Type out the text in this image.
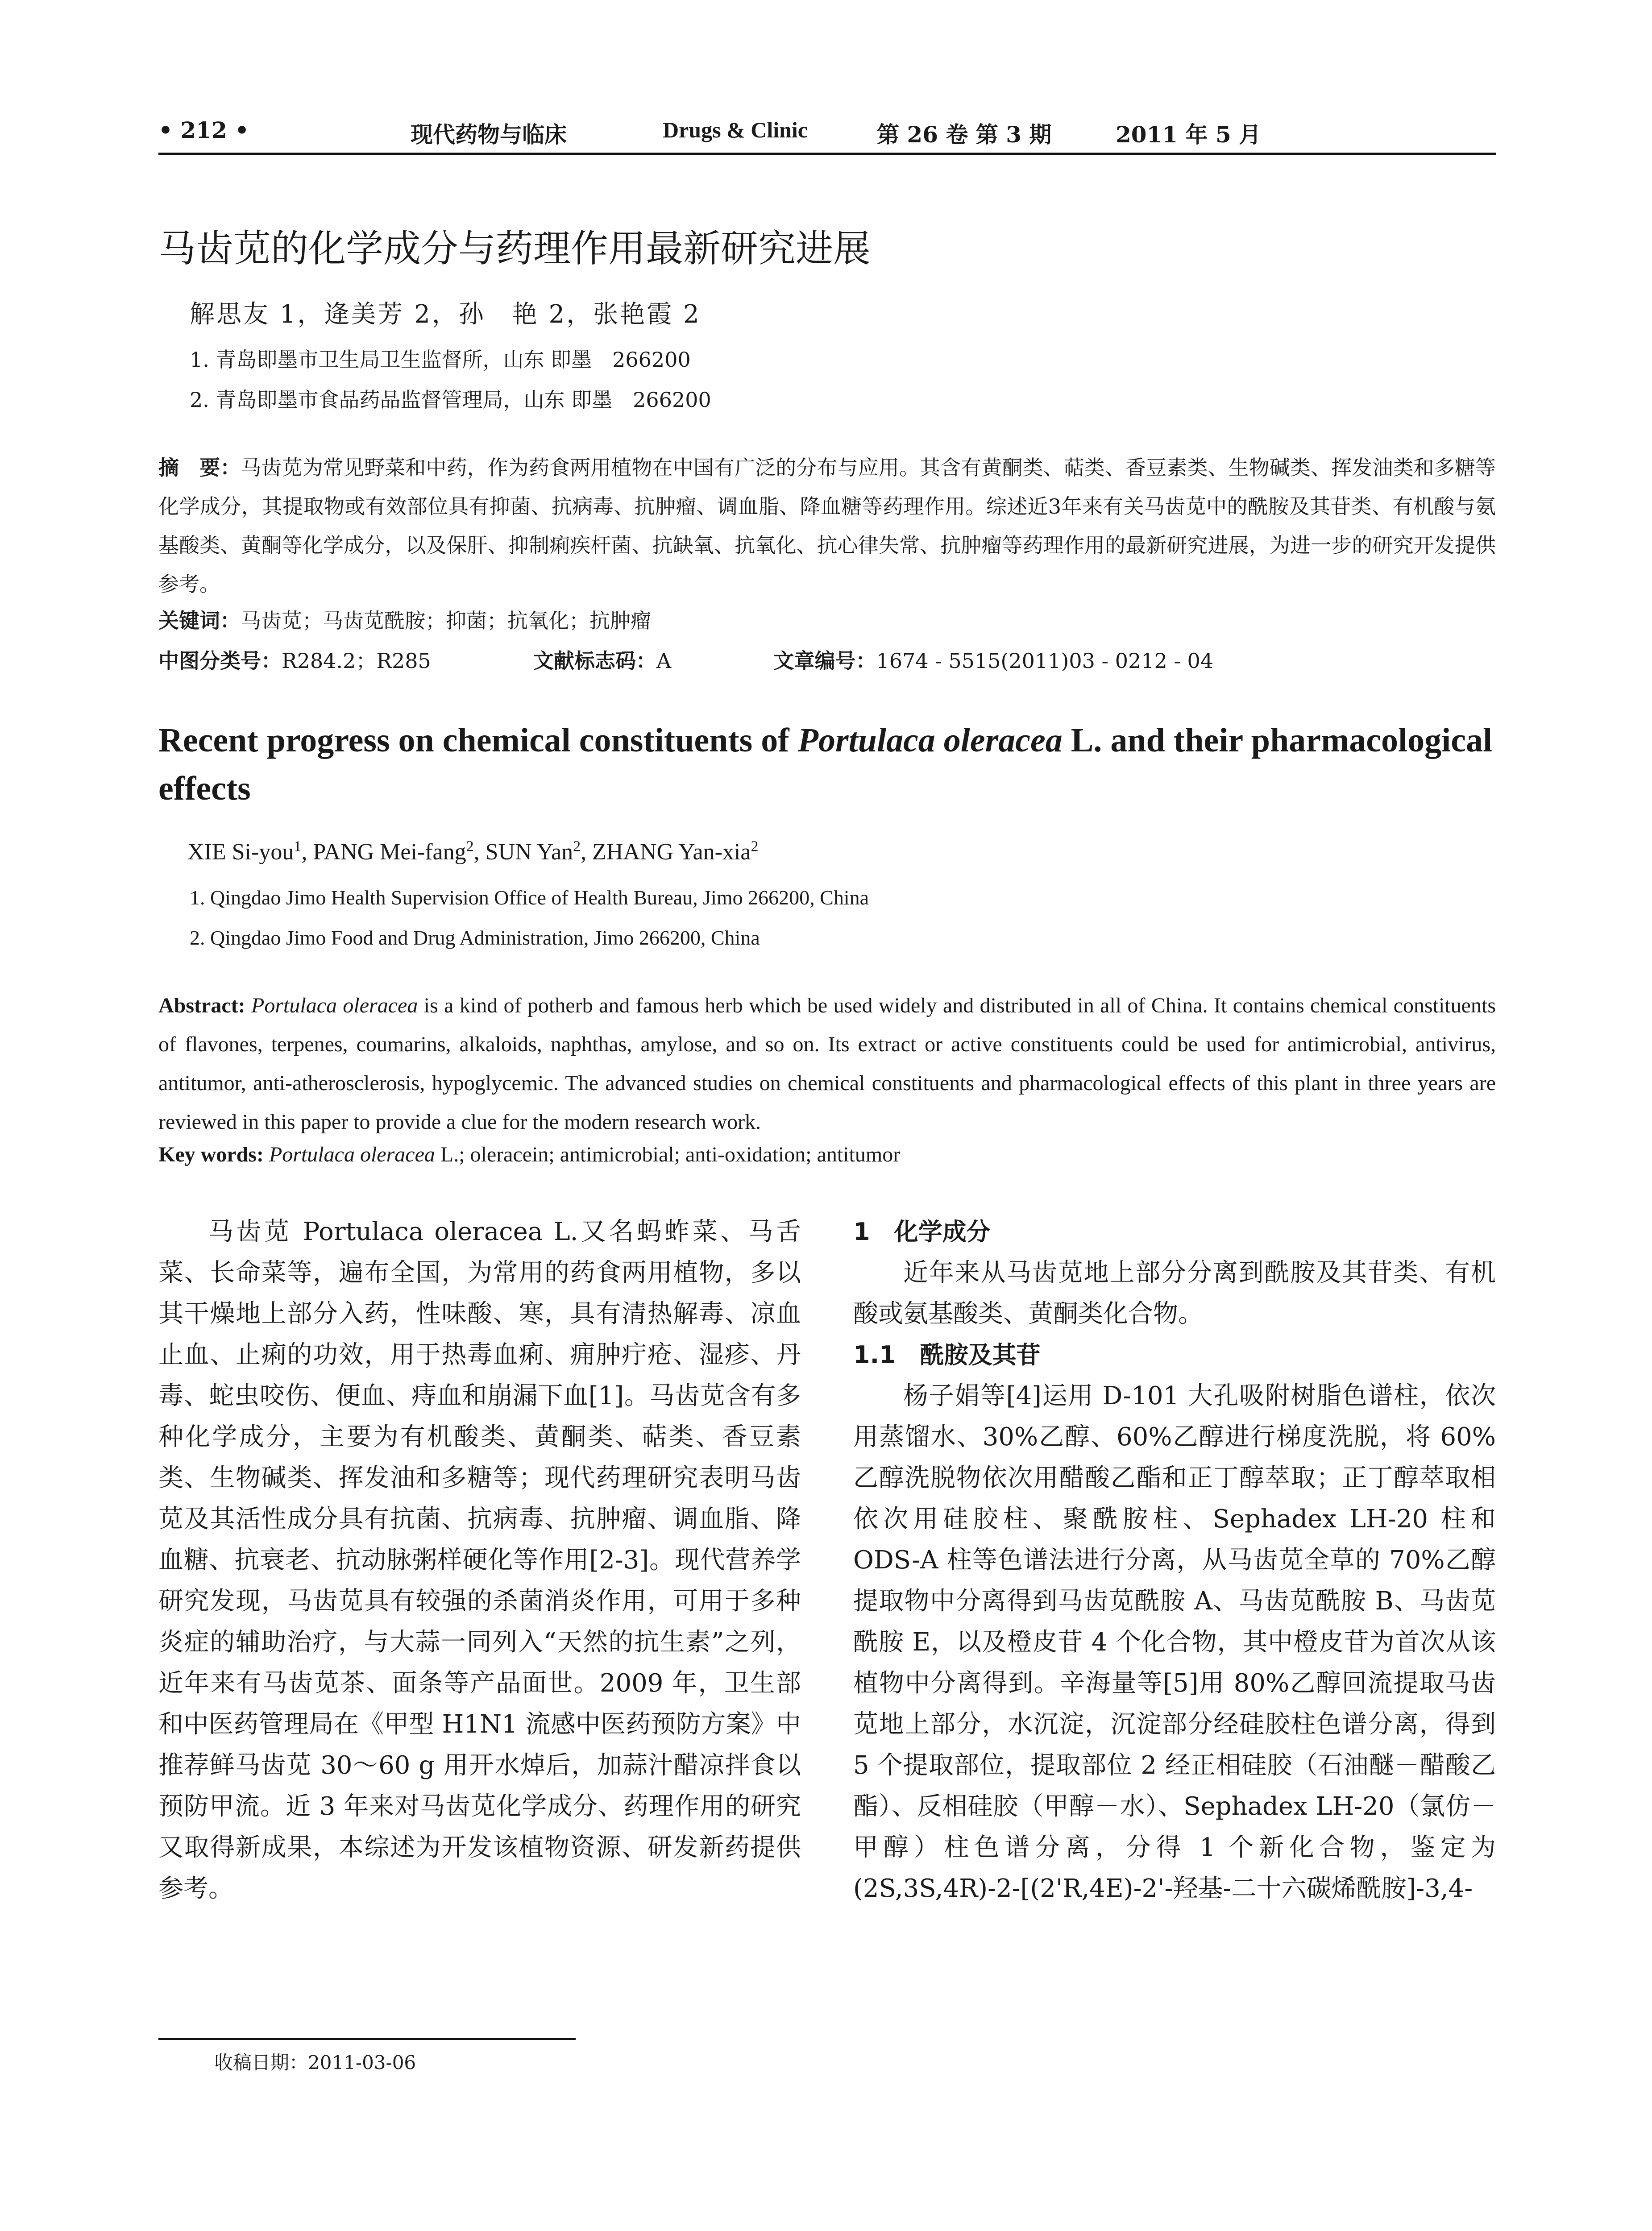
• 212 •	现代药物与临床	Drugs & Clinic	第 26 卷 第 3 期	2011 年 5 月
马齿苋的化学成分与药理作用最新研究进展
解思友 1，逄美芳 2，孙　艳 2，张艳霞 2
1. 青岛即墨市卫生局卫生监督所，山东 即墨　266200
2. 青岛即墨市食品药品监督管理局，山东 即墨　266200
摘　要：马齿苋为常见野菜和中药，作为药食两用植物在中国有广泛的分布与应用。其含有黄酮类、萜类、香豆素类、生物碱类、挥发油类和多糖等化学成分，其提取物或有效部位具有抑菌、抗病毒、抗肿瘤、调血脂、降血糖等药理作用。综述近3年来有关马齿苋中的酰胺及其苷类、有机酸与氨基酸类、黄酮等化学成分，以及保肝、抑制痢疾杆菌、抗缺氧、抗氧化、抗心律失常、抗肿瘤等药理作用的最新研究进展，为进一步的研究开发提供参考。
关键词：马齿苋；马齿苋酰胺；抑菌；抗氧化；抗肿瘤
中图分类号：R284.2；R285	文献标志码：A	文章编号：1674 - 5515(2011)03 - 0212 - 04
Recent progress on chemical constituents of Portulaca oleracea L. and their pharmacological effects
XIE Si-you$^1$, PANG Mei-fang$^2$, SUN Yan$^2$, ZHANG Yan-xia$^2$
1. Qingdao Jimo Health Supervision Office of Health Bureau, Jimo 266200, China
2. Qingdao Jimo Food and Drug Administration, Jimo 266200, China
Abstract: Portulaca oleracea is a kind of potherb and famous herb which be used widely and distributed in all of China. It contains chemical constituents of flavones, terpenes, coumarins, alkaloids, naphthas, amylose, and so on. Its extract or active constituents could be used for antimicrobial, antivirus, antitumor, anti-atherosclerosis, hypoglycemic. The advanced studies on chemical constituents and pharmacological effects of this plant in three years are reviewed in this paper to provide a clue for the modern research work.
Key words: Portulaca oleracea L.; oleracein; antimicrobial; anti-oxidation; antitumor

马齿苋 Portulaca oleracea L.又名蚂蚱菜、马舌菜、长命菜等，遍布全国，为常用的药食两用植物，多以其干燥地上部分入药，性味酸、寒，具有清热解毒、凉血止血、止痢的功效，用于热毒血痢、痈肿疔疮、湿疹、丹毒、蛇虫咬伤、便血、痔血和崩漏下血[1]。马齿苋含有多种化学成分，主要为有机酸类、黄酮类、萜类、香豆素类、生物碱类、挥发油和多糖等；现代药理研究表明马齿苋及其活性成分具有抗菌、抗病毒、抗肿瘤、调血脂、降血糖、抗衰老、抗动脉粥样硬化等作用[2-3]。现代营养学研究发现，马齿苋具有较强的杀菌消炎作用，可用于多种炎症的辅助治疗，与大蒜一同列入“天然的抗生素”之列，近年来有马齿苋茶、面条等产品面世。2009 年，卫生部和中医药管理局在《甲型 H1N1 流感中医药预防方案》中推荐鲜马齿苋 30～60 g 用开水焯后，加蒜汁醋凉拌食以预防甲流。近 3 年来对马齿苋化学成分、药理作用的研究又取得新成果，本综述为开发该植物资源、研发新药提供参考。

1　化学成分

近年来从马齿苋地上部分分离到酰胺及其苷类、有机酸或氨基酸类、黄酮类化合物。

1.1　酰胺及其苷

杨子娟等[4]运用 D-101 大孔吸附树脂色谱柱，依次用蒸馏水、30%乙醇、60%乙醇进行梯度洗脱，将 60%乙醇洗脱物依次用醋酸乙酯和正丁醇萃取；正丁醇萃取相依次用硅胶柱、聚酰胺柱、Sephadex LH-20 柱和 ODS-A 柱等色谱法进行分离，从马齿苋全草的 70%乙醇提取物中分离得到马齿苋酰胺 A、马齿苋酰胺 B、马齿苋酰胺 E，以及橙皮苷 4 个化合物，其中橙皮苷为首次从该植物中分离得到。辛海量等[5]用 80%乙醇回流提取马齿苋地上部分，水沉淀，沉淀部分经硅胶柱色谱分离，得到 5 个提取部位，提取部位 2 经正相硅胶（石油醚－醋酸乙酯）、反相硅胶（甲醇－水）、Sephadex LH-20（氯仿－甲醇）柱色谱分离，分得 1 个新化合物，鉴定为 (2S,3S,4R)-2-[(2'R,4E)-2'-羟基-二十六碳烯酰胺]-3,4-

收稿日期：2011-03-06
